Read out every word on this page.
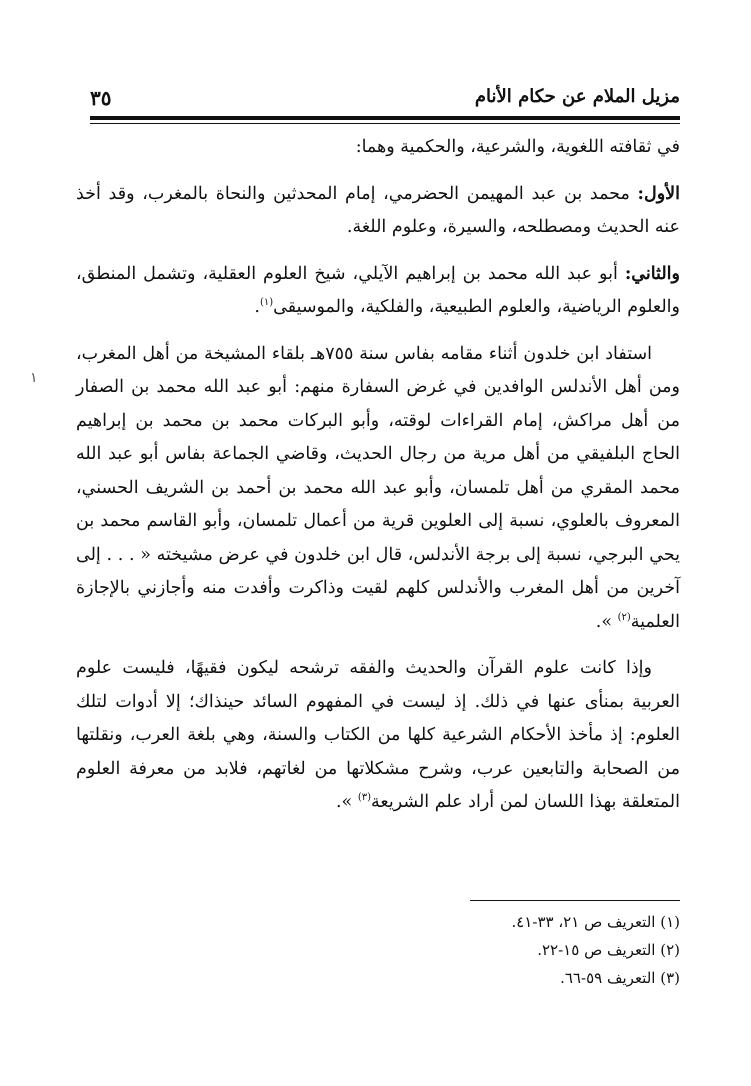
مزيل الملام عن حكام الأنام
٣٥

في ثقافته اللغوية، والشرعية، والحكمية وهما:

الأول: محمد بن عبد المهيمن الحضرمي، إمام المحدثين والنحاة بالمغرب، وقد أخذ عنه الحديث ومصطلحه، والسيرة، وعلوم اللغة.

والثاني: أبو عبد الله محمد بن إبراهيم الآيلي، شيخ العلوم العقلية، وتشمل المنطق، والعلوم الرياضية، والعلوم الطبيعية، والفلكية، والموسيقى$^{(١)}$.

استفاد ابن خلدون أثناء مقامه بفاس سنة ٧٥٥هـ بلقاء المشيخة من أهل المغرب، ومن أهل الأندلس الوافدين في غرض السفارة منهم: أبو عبد الله محمد بن الصفار من أهل مراكش، إمام القراءات لوقته، وأبو البركات محمد بن محمد بن إبراهيم الحاج البلفيقي من أهل مرية من رجال الحديث، وقاضي الجماعة بفاس أبو عبد الله محمد المقري من أهل تلمسان، وأبو عبد الله محمد بن أحمد بن الشريف الحسني، المعروف بالعلوي، نسبة إلى العلوين قرية من أعمال تلمسان، وأبو القاسم محمد بن يحي البرجي، نسبة إلى برجة الأندلس، قال ابن خلدون في عرض مشيخته « . . . إلى آخرين من أهل المغرب والأندلس كلهم لقيت وذاكرت وأفدت منه وأجازني بالإجازة العلمية$^{(٢)}$ ».

وإذا كانت علوم القرآن والحديث والفقه ترشحه ليكون فقيهًا، فليست علوم العربية بمنأى عنها في ذلك. إذ ليست في المفهوم السائد حينذاك؛ إلا أدوات لتلك العلوم: إذ مأخذ الأحكام الشرعية كلها من الكتاب والسنة، وهي بلغة العرب، ونقلتها من الصحابة والتابعين عرب، وشرح مشكلاتها من لغاتهم، فلابد من معرفة العلوم المتعلقة بهذا اللسان لمن أراد علم الشريعة$^{(٣)}$ ».

١
(١) التعريف ص ٢١، ٣٣-٤١.
(٢) التعريف ص ١٥-٢٢.
(٣) التعريف ٥٩-٦٦.
